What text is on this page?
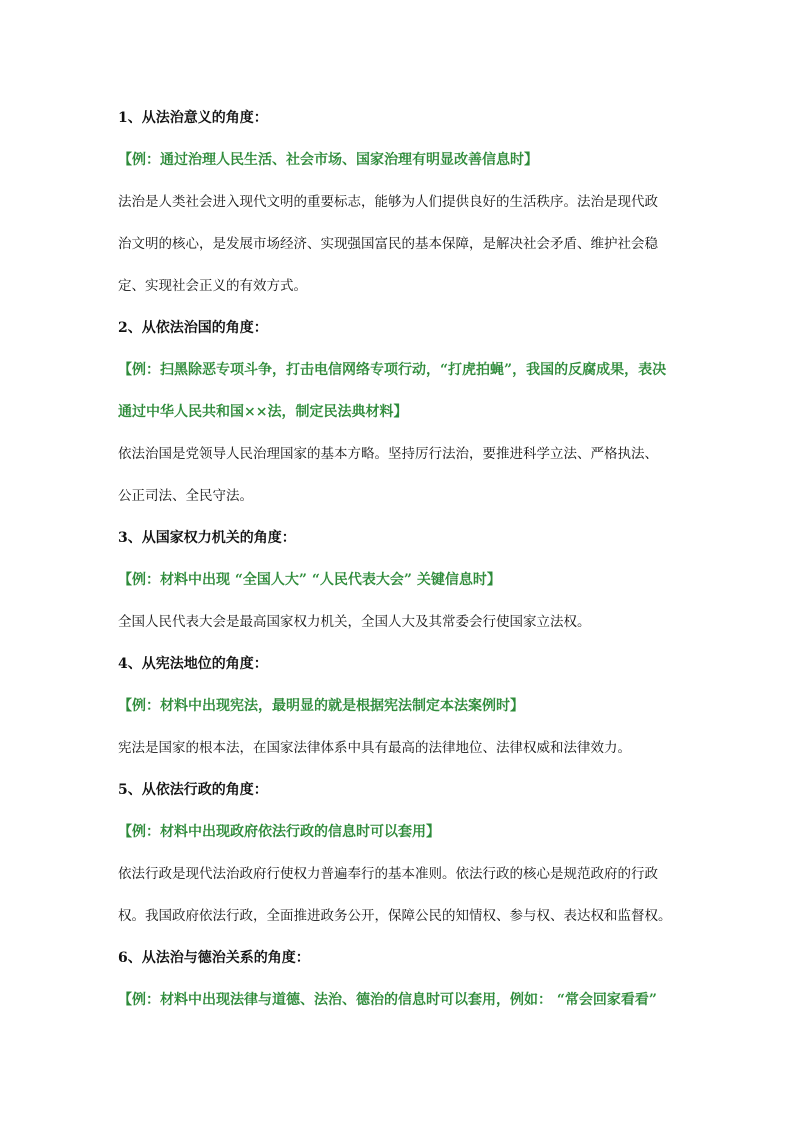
1、从法治意义的角度：
【例：通过治理人民生活、社会市场、国家治理有明显改善信息时】
法治是人类社会进入现代文明的重要标志，能够为人们提供良好的生活秩序。法治是现代政
治文明的核心，是发展市场经济、实现强国富民的基本保障，是解决社会矛盾、维护社会稳
定、实现社会正义的有效方式。
2、从依法治国的角度：
【例：扫黑除恶专项斗争，打击电信网络专项行动，“打虎拍蝇”，我国的反腐成果，表决
通过中华人民共和国××法，制定民法典材料】
依法治国是党领导人民治理国家的基本方略。坚持厉行法治，要推进科学立法、严格执法、
公正司法、全民守法。
3、从国家权力机关的角度：
【例：材料中出现 “全国人大” “人民代表大会” 关键信息时】
全国人民代表大会是最高国家权力机关，全国人大及其常委会行使国家立法权。
4、从宪法地位的角度：
【例：材料中出现宪法，最明显的就是根据宪法制定本法案例时】
宪法是国家的根本法，在国家法律体系中具有最高的法律地位、法律权威和法律效力。
5、从依法行政的角度：
【例：材料中出现政府依法行政的信息时可以套用】
依法行政是现代法治政府行使权力普遍奉行的基本准则。依法行政的核心是规范政府的行政
权。我国政府依法行政，全面推进政务公开，保障公民的知情权、参与权、表达权和监督权。
6、从法治与德治关系的角度：
【例：材料中出现法律与道德、法治、德治的信息时可以套用，例如： “常会回家看看”
